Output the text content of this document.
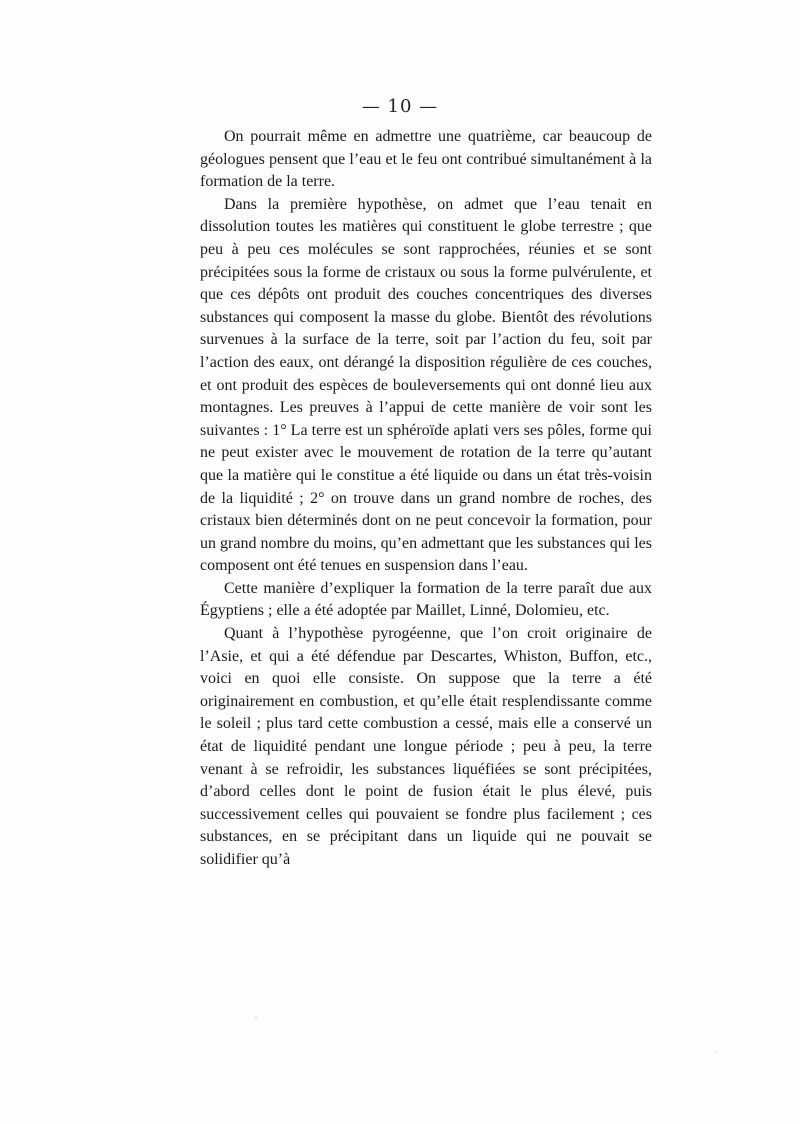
— 10 —

On pourrait même en admettre une quatrième, car beaucoup de géologues pensent que l’eau et le feu ont contribué simultanément à la formation de la terre.

Dans la première hypothèse, on admet que l’eau tenait en dissolution toutes les matières qui constituent le globe terrestre ; que peu à peu ces molécules se sont rapprochées, réunies et se sont précipitées sous la forme de cristaux ou sous la forme pulvérulente, et que ces dépôts ont produit des couches concentriques des diverses substances qui composent la masse du globe. Bientôt des révolutions survenues à la surface de la terre, soit par l’action du feu, soit par l’action des eaux, ont dérangé la disposition régulière de ces couches, et ont produit des espèces de bouleversements qui ont donné lieu aux montagnes. Les preuves à l’appui de cette manière de voir sont les suivantes : 1° La terre est un sphéroïde aplati vers ses pôles, forme qui ne peut exister avec le mouvement de rotation de la terre qu’autant que la matière qui le constitue a été liquide ou dans un état très-voisin de la liquidité ; 2° on trouve dans un grand nombre de roches, des cristaux bien déterminés dont on ne peut concevoir la formation, pour un grand nombre du moins, qu’en admettant que les substances qui les composent ont été tenues en suspension dans l’eau.

Cette manière d’expliquer la formation de la terre paraît due aux Égyptiens ; elle a été adoptée par Maillet, Linné, Dolomieu, etc.

Quant à l’hypothèse pyrogéenne, que l’on croit originaire de l’Asie, et qui a été défendue par Descartes, Whiston, Buffon, etc., voici en quoi elle consiste. On suppose que la terre a été originairement en combustion, et qu’elle était resplendissante comme le soleil ; plus tard cette combustion a cessé, mais elle a conservé un état de liquidité pendant une longue période ; peu à peu, la terre venant à se refroidir, les substances liquéfiées se sont précipitées, d’abord celles dont le point de fusion était le plus élevé, puis successivement celles qui pouvaient se fondre plus facilement ; ces substances, en se précipitant dans un liquide qui ne pouvait se solidifier qu’à

·
ˌ
